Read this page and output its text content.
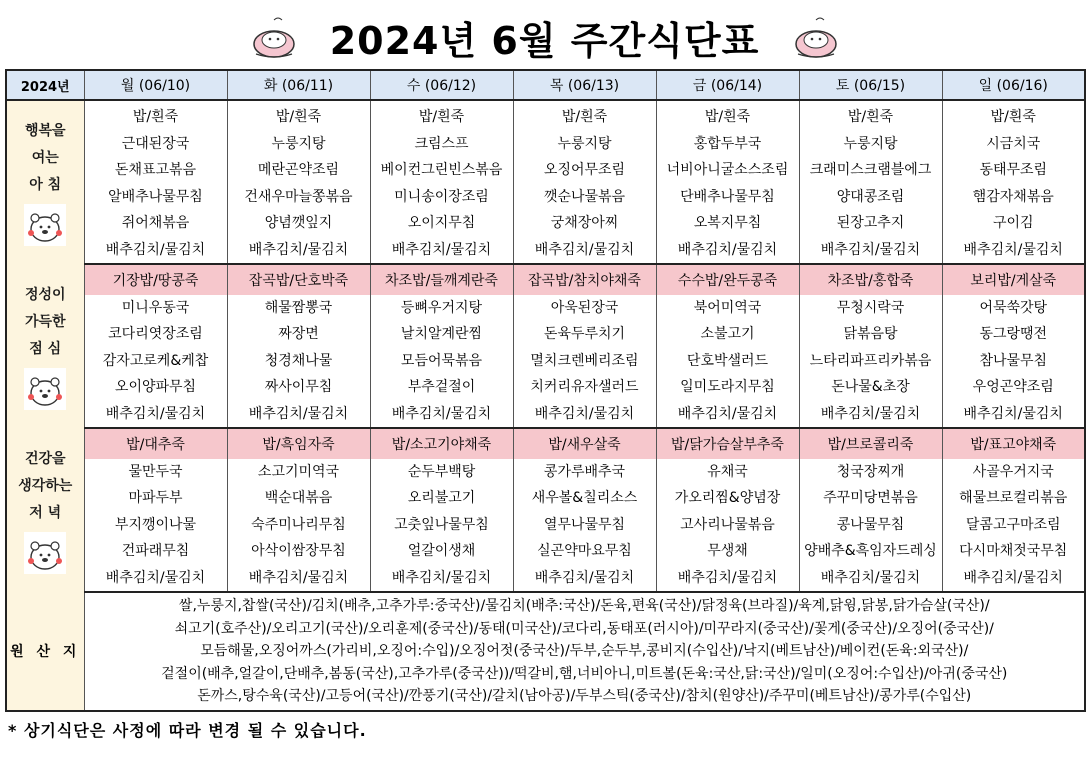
2024년 6월 주간식단표
2024년	월 (06/10)	화 (06/11)	수 (06/12)	목 (06/13)	금 (06/14)	토 (06/15)	일 (06/16)

행복을
여는
아 침	밥/흰죽	밥/흰죽	밥/흰죽	밥/흰죽	밥/흰죽	밥/흰죽	밥/흰죽
	근대된장국	누룽지탕	크림스프	누룽지탕	홍합두부국	누룽지탕	시금치국
	돈채표고볶음	메란곤약조림	베이컨그린빈스볶음	오징어무조림	너비아니굴소스조림	크래미스크램블에그	동태무조림
	알배추나물무침	건새우마늘쫑볶음	미니송이장조림	깻순나물볶음	단배추나물무침	양대콩조림	햄감자채볶음
	쥐어채볶음	양념깻잎지	오이지무침	궁채장아찌	오복지무침	된장고추지	구이김
	배추김치/물김치	배추김치/물김치	배추김치/물김치	배추김치/물김치	배추김치/물김치	배추김치/물김치	배추김치/물김치

정성이
가득한
점 심	기장밥/땅콩죽	잡곡밥/단호박죽	차조밥/들깨계란죽	잡곡밥/참치야채죽	수수밥/완두콩죽	차조밥/홍합죽	보리밥/게살죽
	미니우동국	해물짬뽕국	등뼈우거지탕	아욱된장국	북어미역국	무청시락국	어묵쑥갓탕
	코다리엿장조림	짜장면	날치알계란찜	돈육두루치기	소불고기	닭볶음탕	동그랑땡전
	감자고로케&케찹	청경채나물	모듬어묵볶음	멸치크렌베리조림	단호박샐러드	느타리파프리카볶음	참나물무침
	오이양파무침	짜사이무침	부추겉절이	치커리유자샐러드	일미도라지무침	돈나물&초장	우엉곤약조림
	배추김치/물김치	배추김치/물김치	배추김치/물김치	배추김치/물김치	배추김치/물김치	배추김치/물김치	배추김치/물김치

건강을
생각하는
저 녁	밥/대추죽	밥/흑임자죽	밥/소고기야채죽	밥/새우살죽	밥/닭가슴살부추죽	밥/브로콜리죽	밥/표고야채죽
	물만두국	소고기미역국	순두부백탕	콩가루배추국	유채국	청국장찌개	사골우거지국
	마파두부	백순대볶음	오리불고기	새우볼&칠리소스	가오리찜&양념장	주꾸미당면볶음	해물브로컬리볶음
	부지깽이나물	숙주미나리무침	고춧잎나물무침	열무나물무침	고사리나물볶음	콩나물무침	달콤고구마조림
	건파래무침	아삭이쌈장무침	얼갈이생채	실곤약마요무침	무생채	양배추&흑임자드레싱	다시마채젓국무침
	배추김치/물김치	배추김치/물김치	배추김치/물김치	배추김치/물김치	배추김치/물김치	배추김치/물김치	배추김치/물김치
원 산 지	쌀,누룽지,찹쌀(국산)/김치(배추,고추가루:중국산)/물김치(배추:국산)/돈육,편육(국산)/닭정육(브라질)/육계,닭윙,닭봉,닭가슴살(국산)/
쇠고기(호주산)/오리고기(국산)/오리훈제(중국산)/동태(미국산)/코다리,동태포(러시아)/미꾸라지(중국산)/꽃게(중국산)/오징어(중국산)/
모듬해물,오징어까스(가리비,오징어:수입)/오징어젓(중국산)/두부,순두부,콩비지(수입산)/낙지(베트남산)/베이컨(돈육:외국산)/
겉절이(배추,얼갈이,단배추,봄동(국산),고추가루(중국산))/떡갈비,햄,너비아니,미트볼(돈육:국산,닭:국산)/일미(오징어:수입산)/아귀(중국산)
돈까스,탕수육(국산)/고등어(국산)/깐풍기(국산)/갈치(남아공)/두부스틱(중국산)/참치(원양산)/주꾸미(베트남산)/콩가루(수입산)						
* 상기식단은 사정에 따라 변경 될 수 있습니다.
